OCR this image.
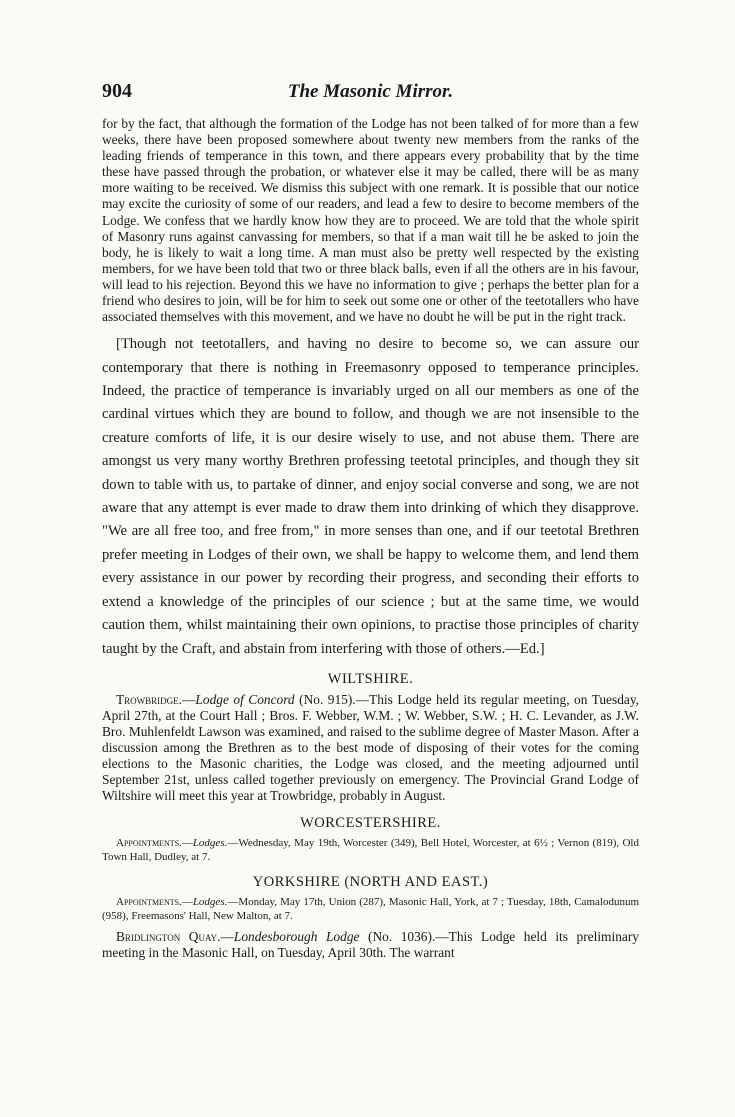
904	The Masonic Mirror.

for by the fact, that although the formation of the Lodge has not been talked of for more than a few weeks, there have been proposed somewhere about twenty new members from the ranks of the leading friends of temperance in this town, and there appears every probability that by the time these have passed through the probation, or whatever else it may be called, there will be as many more waiting to be received. We dismiss this subject with one remark. It is possible that our notice may excite the curiosity of some of our readers, and lead a few to desire to become members of the Lodge. We confess that we hardly know how they are to proceed. We are told that the whole spirit of Masonry runs against canvassing for members, so that if a man wait till he be asked to join the body, he is likely to wait a long time. A man must also be pretty well respected by the existing members, for we have been told that two or three black balls, even if all the others are in his favour, will lead to his rejection. Beyond this we have no information to give ; perhaps the better plan for a friend who desires to join, will be for him to seek out some one or other of the teetotallers who have associated themselves with this movement, and we have no doubt he will be put in the right track.

[Though not teetotallers, and having no desire to become so, we can assure our contemporary that there is nothing in Freemasonry opposed to temperance principles. Indeed, the practice of temperance is invariably urged on all our members as one of the cardinal virtues which they are bound to follow, and though we are not insensible to the creature comforts of life, it is our desire wisely to use, and not abuse them. There are amongst us very many worthy Brethren professing teetotal principles, and though they sit down to table with us, to partake of dinner, and enjoy social converse and song, we are not aware that any attempt is ever made to draw them into drinking of which they disapprove. "We are all free too, and free from," in more senses than one, and if our teetotal Brethren prefer meeting in Lodges of their own, we shall be happy to welcome them, and lend them every assistance in our power by recording their progress, and seconding their efforts to extend a knowledge of the principles of our science ; but at the same time, we would caution them, whilst maintaining their own opinions, to practise those principles of charity taught by the Craft, and abstain from interfering with those of others.—Ed.]

WILTSHIRE.

Trowbridge.—Lodge of Concord (No. 915).—This Lodge held its regular meeting, on Tuesday, April 27th, at the Court Hall ; Bros. F. Webber, W.M. ; W. Webber, S.W. ; H. C. Levander, as J.W. Bro. Muhlenfeldt Lawson was examined, and raised to the sublime degree of Master Mason. After a discussion among the Brethren as to the best mode of disposing of their votes for the coming elections to the Masonic charities, the Lodge was closed, and the meeting adjourned until September 21st, unless called together previously on emergency. The Provincial Grand Lodge of Wiltshire will meet this year at Trowbridge, probably in August.

WORCESTERSHIRE.

Appointments.—Lodges.—Wednesday, May 19th, Worcester (349), Bell Hotel, Worcester, at 6½ ; Vernon (819), Old Town Hall, Dudley, at 7.

YORKSHIRE (NORTH AND EAST.)

Appointments.—Lodges.—Monday, May 17th, Union (287), Masonic Hall, York, at 7 ; Tuesday, 18th, Camalodunum (958), Freemasons' Hall, New Malton, at 7.

Bridlington Quay.—Londesborough Lodge (No. 1036).—This Lodge held its preliminary meeting in the Masonic Hall, on Tuesday, April 30th. The warrant
